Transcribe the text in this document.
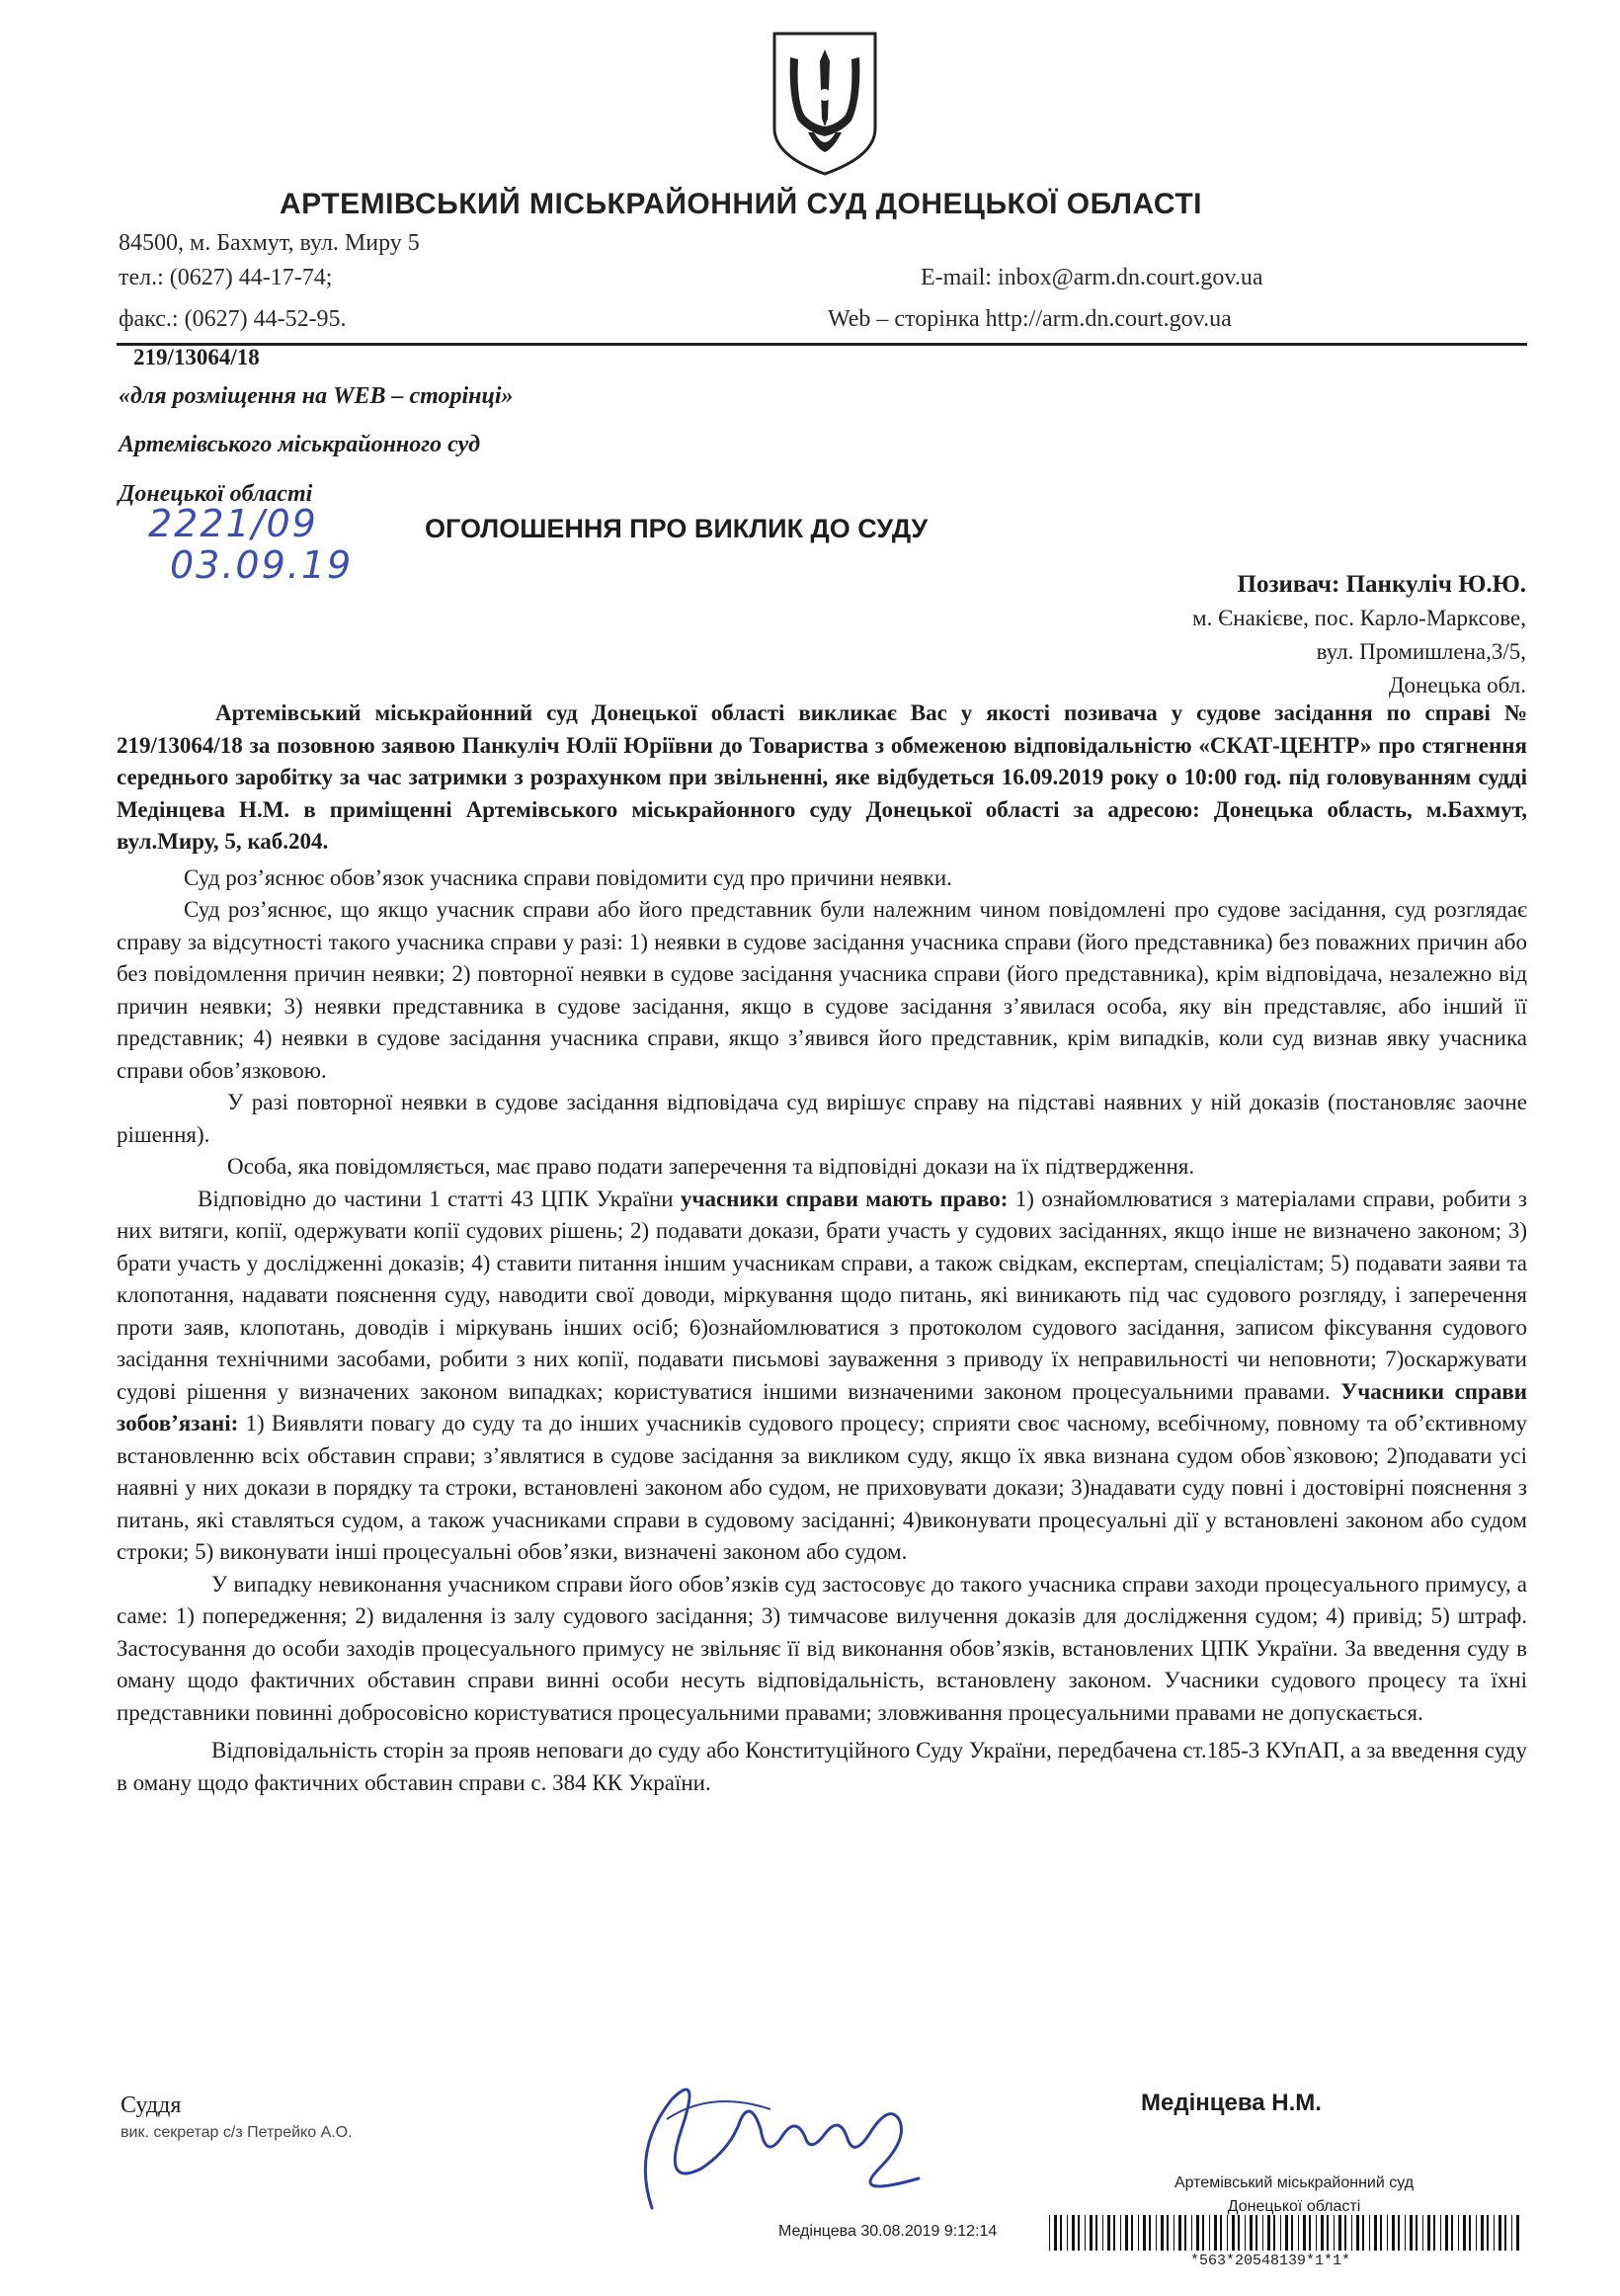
АРТЕМІВСЬКИЙ МІСЬКРАЙОННИЙ СУД ДОНЕЦЬКОЇ ОБЛАСТІ
84500, м. Бахмут, вул. Миру 5
тел.: (0627) 44-17-74;
факс.: (0627) 44-52-95.
E-mail: inbox@arm.dn.court.gov.ua
Web – сторінка http://arm.dn.court.gov.ua
219/13064/18
«для розміщення на WEB – сторінці»
Артемівського міськрайонного суд
Донецької області
2221/09
03.09.19
ОГОЛОШЕННЯ ПРО ВИКЛИК ДО СУДУ
Позивач: Панкуліч Ю.Ю.
м. Єнакієве, пос. Карло-Марксове,
вул. Промишлена,3/5,
Донецька обл.

Артемівський міськрайонний суд Донецької області викликає Вас у якості позивача у судове засідання по справі № 219/13064/18 за позовною заявою Панкуліч Юлії Юріївни до Товариства з обмеженою відповідальністю «СКАТ-ЦЕНТР» про стягнення середнього заробітку за час затримки з розрахунком при звільненні, яке відбудеться 16.09.2019 року о 10:00 год. під головуванням судді Медінцева Н.М. в приміщенні Артемівського міськрайонного суду Донецької області за адресою: Донецька область, м.Бахмут, вул.Миру, 5, каб.204.

Суд роз’яснює обов’язок учасника справи повідомити суд про причини неявки.

Суд роз’яснює, що якщо учасник справи або його представник були належним чином повідомлені про судове засідання, суд розглядає справу за відсутності такого учасника справи у разі: 1) неявки в судове засідання учасника справи (його представника) без поважних причин або без повідомлення причин неявки; 2) повторної неявки в судове засідання учасника справи (його представника), крім відповідача, незалежно від причин неявки; 3) неявки представника в судове засідання, якщо в судове засідання з’явилася особа, яку він представляє, або інший її представник; 4) неявки в судове засідання учасника справи, якщо з’явився його представник, крім випадків, коли суд визнав явку учасника справи обов’язковою.

У разі повторної неявки в судове засідання відповідача суд вирішує справу на підставі наявних у ній доказів (постановляє заочне рішення).

Особа, яка повідомляється, має право подати заперечення та відповідні докази на їх підтвердження.

Відповідно до частини 1 статті 43 ЦПК України учасники справи мають право: 1) ознайомлюватися з матеріалами справи, робити з них витяги, копії, одержувати копії судових рішень; 2) подавати докази, брати участь у судових засіданнях, якщо інше не визначено законом; 3) брати участь у дослідженні доказів; 4) ставити питання іншим учасникам справи, а також свідкам, експертам, спеціалістам; 5) подавати заяви та клопотання, надавати пояснення суду, наводити свої доводи, міркування щодо питань, які виникають під час судового розгляду, і заперечення проти заяв, клопотань, доводів і міркувань інших осіб; 6)ознайомлюватися з протоколом судового засідання, записом фіксування судового засідання технічними засобами, робити з них копії, подавати письмові зауваження з приводу їх неправильності чи неповноти; 7)оскаржувати судові рішення у визначених законом випадках; користуватися іншими визначеними законом процесуальними правами. Учасники справи зобов’язані: 1) Виявляти повагу до суду та до інших учасників судового процесу; сприяти своє часному, всебічному, повному та об’єктивному встановленню всіх обставин справи; з’являтися в судове засідання за викликом суду, якщо їх явка визнана судом обов`язковою; 2)подавати усі наявні у них докази в порядку та строки, встановлені законом або судом, не приховувати докази; 3)надавати суду повні і достовірні пояснення з питань, які ставляться судом, а також учасниками справи в судовому засіданні; 4)виконувати процесуальні дії у встановлені законом або судом строки; 5) виконувати інші процесуальні обов’язки, визначені законом або судом.

У випадку невиконання учасником справи його обов’язків суд застосовує до такого учасника справи заходи процесуального примусу, а саме: 1) попередження; 2) видалення із залу судового засідання; 3) тимчасове вилучення доказів для дослідження судом; 4) привід; 5) штраф. Застосування до особи заходів процесуального примусу не звільняє її від виконання обов’язків, встановлених ЦПК України. За введення суду в оману щодо фактичних обставин справи винні особи несуть відповідальність, встановлену законом. Учасники судового процесу та їхні представники повинні добросовісно користуватися процесуальними правами; зловживання процесуальними правами не допускається.

Відповідальність сторін за прояв неповаги до суду або Конституційного Суду України, передбачена ст.185-3 КУпАП, а за введення суду в оману щодо фактичних обставин справи с. 384 КК України.

Суддя
вик. секретар с/з Петрейко А.О.
Медінцева Н.М.
Артемівський міськрайонний суд
Донецької області
Медінцева 30.08.2019 9:12:14
*563*20548139*1*1*
